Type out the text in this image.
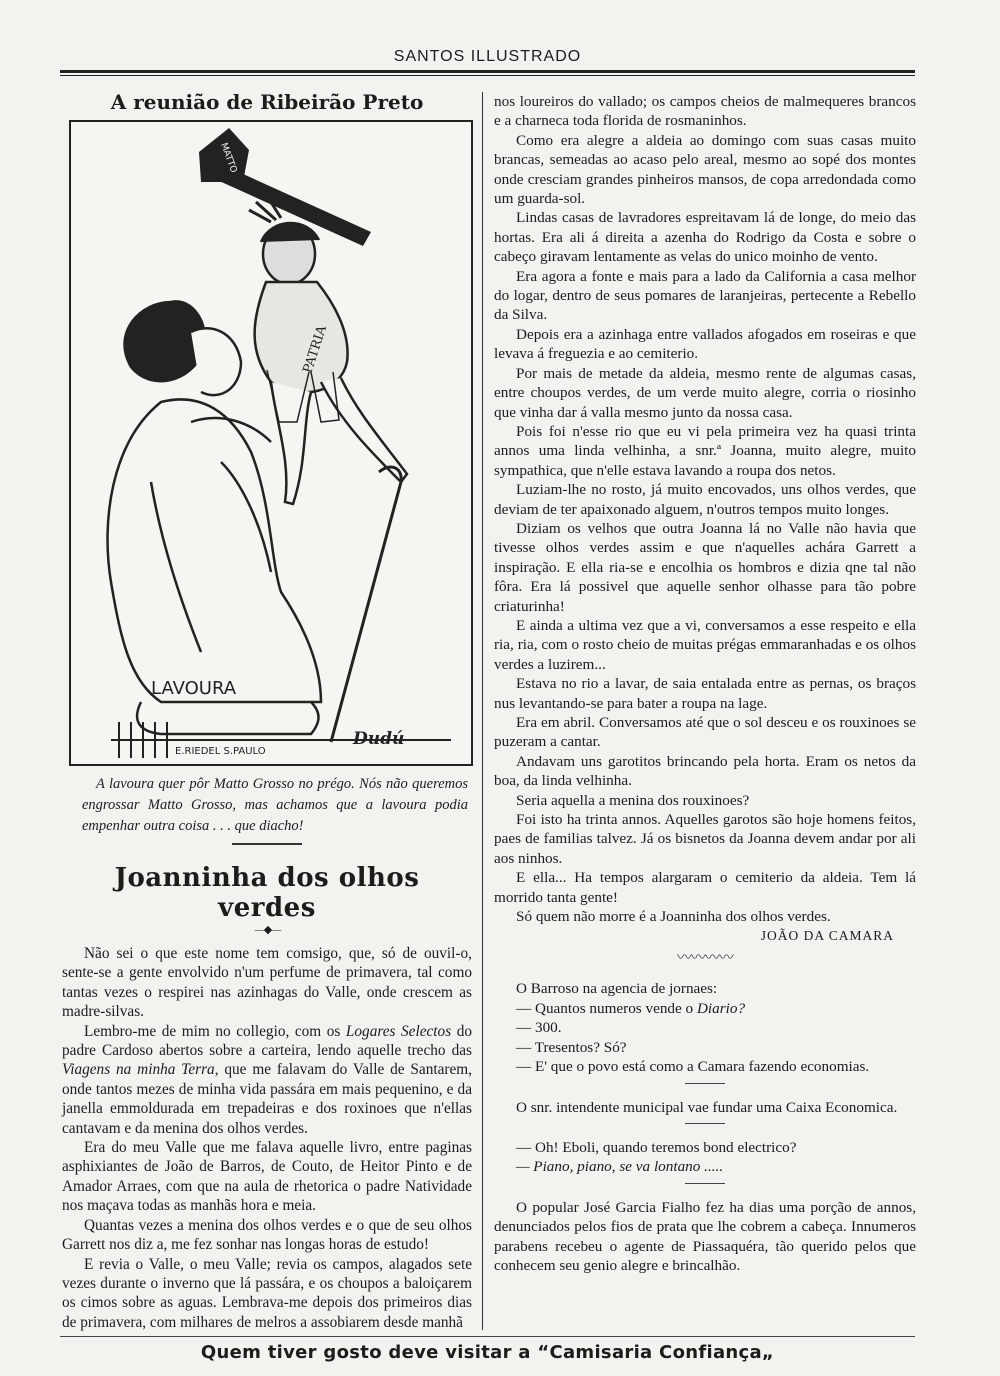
SANTOS ILLUSTRADO
A reunião de Ribeirão Preto
MATTO
PATRIA
LAVOURA
E.RIEDEL S.PAULO
Dudú

A lavoura quer pôr Matto Grosso no prégo. Nós não queremos engrossar Matto Grosso, mas achamos que a lavoura podia empenhar outra coisa . . . que diacho!

Joanninha dos olhos verdes
—◆—

Não sei o que este nome tem comsigo, que, só de ouvil-o, sente-se a gente envolvido n'um perfume de primavera, tal como tantas vezes o respirei nas azinhagas do Valle, onde crescem as madre-silvas.

Lembro-me de mim no collegio, com os Logares Selectos do padre Cardoso abertos sobre a carteira, lendo aquelle trecho das Viagens na minha Terra, que me falavam do Valle de Santarem, onde tantos mezes de minha vida passára em mais pequenino, e da janella emmoldurada em trepadeiras e dos roxinoes que n'ellas cantavam e da menina dos olhos verdes.

Era do meu Valle que me falava aquelle livro, entre paginas asphixiantes de João de Barros, de Couto, de Heitor Pinto e de Amador Arraes, com que na aula de rhetorica o padre Natividade nos maçava todas as manhãs hora e meia.

Quantas vezes a menina dos olhos verdes e o que de seu olhos Garrett nos diz a, me fez sonhar nas longas horas de estudo!

E revia o Valle, o meu Valle; revia os campos, alagados sete vezes durante o inverno que lá passára, e os choupos a baloiçarem os cimos sobre as aguas. Lembrava-me depois dos primeiros dias de primavera, com milhares de melros a assobiarem desde manhã

nos loureiros do vallado; os campos cheios de malmequeres brancos e a charneca toda florida de rosmaninhos.

Como era alegre a aldeia ao domingo com suas casas muito brancas, semeadas ao acaso pelo areal, mesmo ao sopé dos montes onde cresciam grandes pinheiros mansos, de copa arredondada como um guarda-sol.

Lindas casas de lavradores espreitavam lá de longe, do meio das hortas. Era ali á direita a azenha do Rodrigo da Costa e sobre o cabeço giravam lentamente as velas do unico moinho de vento.

Era agora a fonte e mais para a lado da California a casa melhor do logar, dentro de seus pomares de laranjeiras, pertecente a Rebello da Silva.

Depois era a azinhaga entre vallados afogados em roseiras e que levava á freguezia e ao cemiterio.

Por mais de metade da aldeia, mesmo rente de algumas casas, entre choupos verdes, de um verde muito alegre, corria o riosinho que vinha dar á valla mesmo junto da nossa casa.

Pois foi n'esse rio que eu vi pela primeira vez ha quasi trinta annos uma linda velhinha, a snr.ª Joanna, muito alegre, muito sympathica, que n'elle estava lavando a roupa dos netos.

Luziam-lhe no rosto, já muito encovados, uns olhos verdes, que deviam de ter apaixonado alguem, n'outros tempos muito longes.

Diziam os velhos que outra Joanna lá no Valle não havia que tivesse olhos verdes assim e que n'aquelles achára Garrett a inspiração. E ella ria-se e encolhia os hombros e dizia qne tal não fôra. Era lá possivel que aquelle senhor olhasse para tão pobre criaturinha!

E ainda a ultima vez que a vi, conversamos a esse respeito e ella ria, ria, com o rosto cheio de muitas prégas emmaranhadas e os olhos verdes a luzirem...

Estava no rio a lavar, de saia entalada entre as pernas, os braços nus levantando-se para bater a roupa na lage.

Era em abril. Conversamos até que o sol desceu e os rouxinoes se puzeram a cantar.

Andavam uns garotitos brincando pela horta. Eram os netos da boa, da linda velhinha.

Seria aquella a menina dos rouxinoes?

Foi isto ha trinta annos. Aquelles garotos são hoje homens feitos, paes de familias talvez. Já os bisnetos da Joanna devem andar por ali aos ninhos.

E ella... Ha tempos alargaram o cemiterio da aldeia. Tem lá morrido tanta gente!

Só quem não morre é a Joanninha dos olhos verdes.

JOÃO DA CAMARA
〰〰〰〰

O Barroso na agencia de jornaes:

— Quantos numeros vende o Diario?

— 300.

— Tresentos? Só?

— E' que o povo está como a Camara fazendo economias.

O snr. intendente municipal vae fundar uma Caixa Economica.

— Oh! Eboli, quando teremos bond electrico?

— Piano, piano, se va lontano .....

O popular José Garcia Fialho fez ha dias uma porção de annos, denunciados pelos fios de prata que lhe cobrem a cabeça. Innumeros parabens recebeu o agente de Piassaquéra, tão querido pelos que conhecem seu genio alegre e brincalhão.

Quem tiver gosto deve visitar a “Camisaria Confiança„
